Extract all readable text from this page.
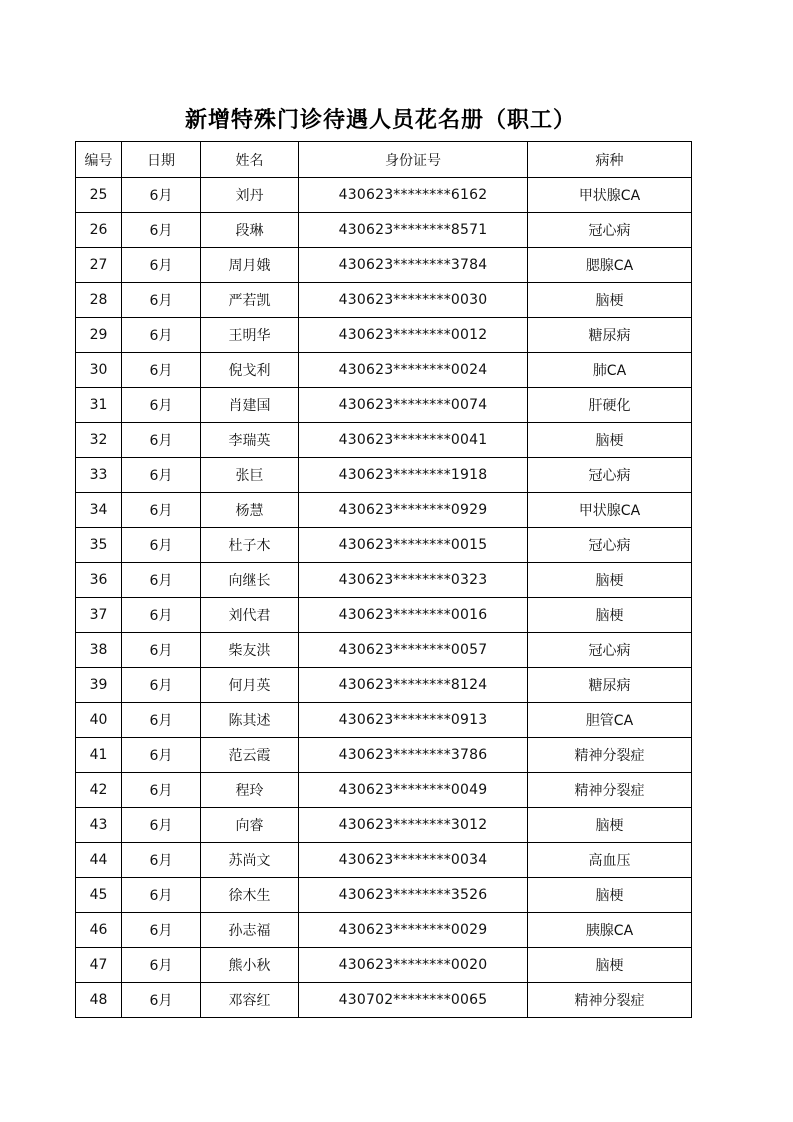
新增特殊门诊待遇人员花名册（职工）
编号	日期	姓名	身份证号	病种
25	6月	刘丹	430623********6162	甲状腺CA
26	6月	段琳	430623********8571	冠心病
27	6月	周月娥	430623********3784	腮腺CA
28	6月	严若凯	430623********0030	脑梗
29	6月	王明华	430623********0012	糖尿病
30	6月	倪戈利	430623********0024	肺CA
31	6月	肖建国	430623********0074	肝硬化
32	6月	李瑞英	430623********0041	脑梗
33	6月	张巨	430623********1918	冠心病
34	6月	杨慧	430623********0929	甲状腺CA
35	6月	杜子木	430623********0015	冠心病
36	6月	向继长	430623********0323	脑梗
37	6月	刘代君	430623********0016	脑梗
38	6月	柴友洪	430623********0057	冠心病
39	6月	何月英	430623********8124	糖尿病
40	6月	陈其述	430623********0913	胆管CA
41	6月	范云霞	430623********3786	精神分裂症
42	6月	程玲	430623********0049	精神分裂症
43	6月	向睿	430623********3012	脑梗
44	6月	苏尚文	430623********0034	高血压
45	6月	徐木生	430623********3526	脑梗
46	6月	孙志福	430623********0029	胰腺CA
47	6月	熊小秋	430623********0020	脑梗
48	6月	邓容红	430702********0065	精神分裂症
